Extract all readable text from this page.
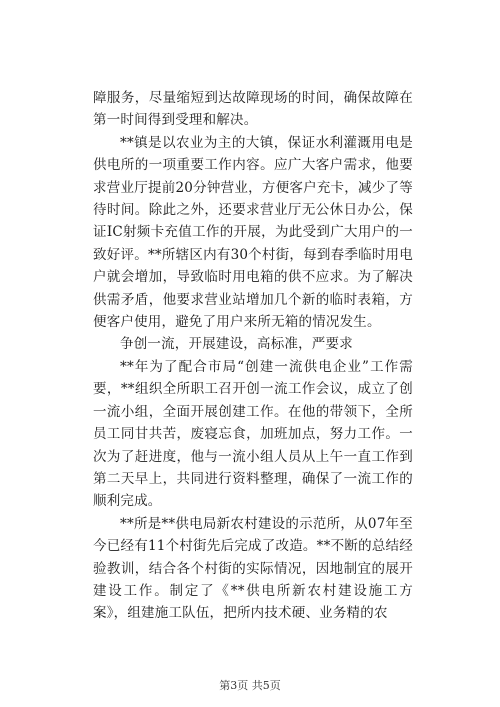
障服务，尽量缩短到达故障现场的时间，确保故障在第一时间得到受理和解决。

**镇是以农业为主的大镇，保证水利灌溉用电是供电所的一项重要工作内容。应广大客户需求，他要求营业厅提前20分钟营业，方便客户充卡，减少了等待时间。除此之外，还要求营业厅无公休日办公，保证IC射频卡充值工作的开展，为此受到广大用户的一致好评。**所辖区内有30个村街，每到春季临时用电户就会增加，导致临时用电箱的供不应求。为了解决供需矛盾，他要求营业站增加几个新的临时表箱，方便客户使用，避免了用户来所无箱的情况发生。

争创一流，开展建设，高标准，严要求

**年为了配合市局“创建一流供电企业”工作需要，**组织全所职工召开创一流工作会议，成立了创一流小组，全面开展创建工作。在他的带领下，全所员工同甘共苦，废寝忘食，加班加点，努力工作。一次为了赶进度，他与一流小组人员从上午一直工作到第二天早上，共同进行资料整理，确保了一流工作的顺利完成。

**所是**供电局新农村建设的示范所，从07年至今已经有11个村街先后完成了改造。**不断的总结经验教训，结合各个村街的实际情况，因地制宜的展开建设工作。制定了《**供电所新农村建设施工方案》，组建施工队伍，把所内技术硬、业务精的农

第3页 共5页
